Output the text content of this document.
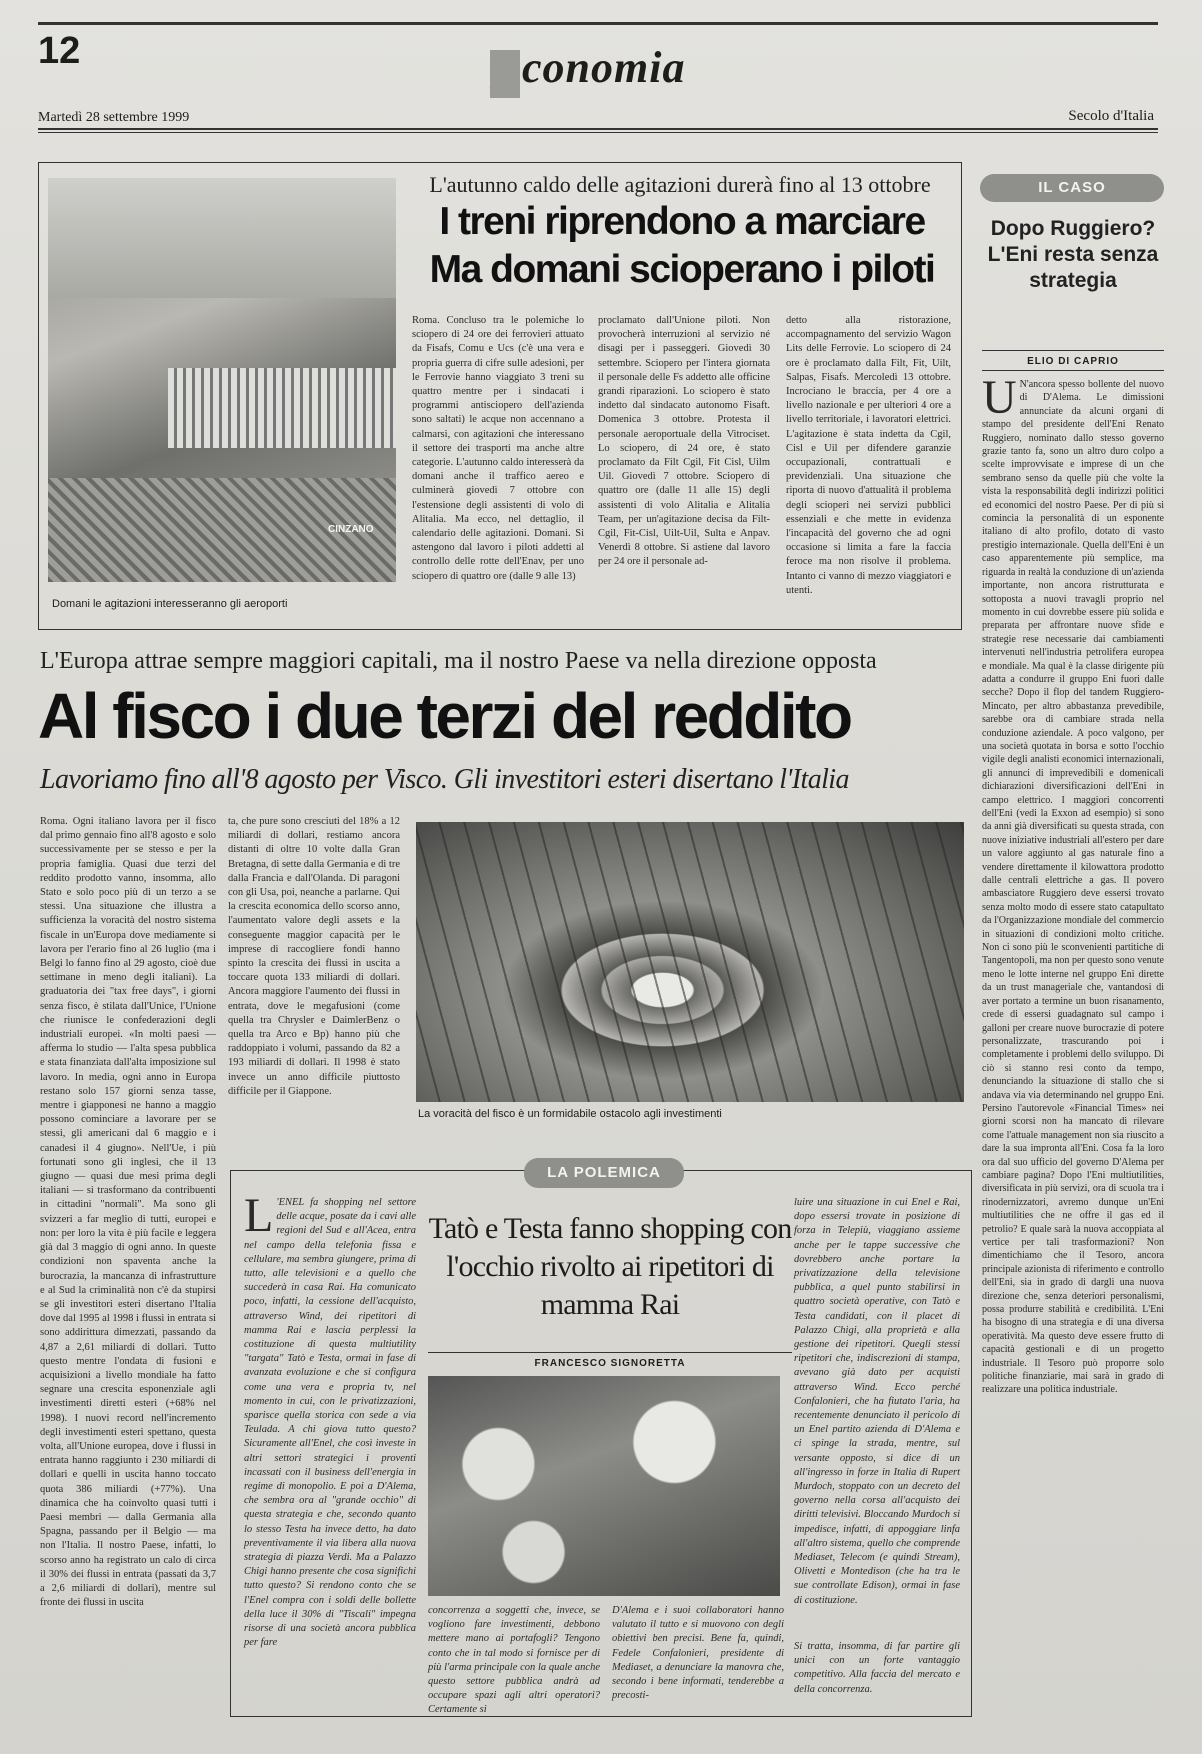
12	Economia
Martedì 28 settembre 1999	Secolo d'Italia
CINZANO
Domani le agitazioni interesseranno gli aeroporti
L'autunno caldo delle agitazioni durerà fino al 13 ottobre
I treni riprendono a marciare
Ma domani scioperano i piloti
Roma. Concluso tra le polemiche lo sciopero di 24 ore dei ferrovieri attuato da Fisafs, Comu e Ucs (c'è una vera e propria guerra di cifre sulle adesioni, per le Ferrovie hanno viaggiato 3 treni su quattro mentre per i sindacati i programmi antisciopero dell'azienda sono saltati) le acque non accennano a calmarsi, con agitazioni che interessano il settore dei trasporti ma anche altre categorie. L'autunno caldo interesserà da domani anche il traffico aereo e culminerà giovedì 7 ottobre con l'estensione degli assistenti di volo di Alitalia. Ma ecco, nel dettaglio, il calendario delle agitazioni. Domani. Si astengono dal lavoro i piloti addetti al controllo delle rotte dell'Enav, per uno sciopero di quattro ore (dalle 9 alle 13)
proclamato dall'Unione piloti. Non provocherà interruzioni al servizio né disagi per i passeggeri. Giovedì 30 settembre. Sciopero per l'intera giornata il personale delle Fs addetto alle officine grandi riparazioni. Lo sciopero è stato indetto dal sindacato autonomo Fisaft. Domenica 3 ottobre. Protesta il personale aeroportuale della Vitrociset. Lo sciopero, di 24 ore, è stato proclamato da Filt Cgil, Fit Cisl, Uilm Uil. Giovedì 7 ottobre. Sciopero di quattro ore (dalle 11 alle 15) degli assistenti di volo Alitalia e Alitalia Team, per un'agitazione decisa da Filt-Cgil, Fit-Cisl, Uilt-Uil, Sulta e Anpav. Venerdì 8 ottobre. Si astiene dal lavoro per 24 ore il personale ad-
detto alla ristorazione, accompagnamento del servizio Wagon Lits delle Ferrovie. Lo sciopero di 24 ore è proclamato dalla Filt, Fit, Uilt, Salpas, Fisafs. Mercoledì 13 ottobre. Incrociano le braccia, per 4 ore a livello nazionale e per ulteriori 4 ore a livello territoriale, i lavoratori elettrici. L'agitazione è stata indetta da Cgil, Cisl e Uil per difendere garanzie occupazionali, contrattuali e previdenziali. Una situazione che riporta di nuovo d'attualità il problema degli scioperi nei servizi pubblici essenziali e che mette in evidenza l'incapacità del governo che ad ogni occasione si limita a fare la faccia feroce ma non risolve il problema. Intanto ci vanno di mezzo viaggiatori e utenti.
IL CASO
Dopo Ruggiero? L'Eni resta senza strategia
ELIO DI CAPRIO
U N'ancora spesso bollente del nuovo di D'Alema. Le dimissioni annunciate da alcuni organi di stampo del presidente dell'Eni Renato Ruggiero, nominato dallo stesso governo grazie tanto fa, sono un altro duro colpo a scelte improvvisate e imprese di un che sembrano senso da quelle più che volte la vista la responsabilità degli indirizzi politici ed economici del nostro Paese. Per di più si comincia la personalità di un esponente italiano di alto profilo, dotato di vasto prestigio internazionale. Quella dell'Eni è un caso apparentemente più semplice, ma riguarda in realtà la conduzione di un'azienda importante, non ancora ristrutturata e sottoposta a nuovi travagli proprio nel momento in cui dovrebbe essere più solida e preparata per affrontare nuove sfide e strategie rese necessarie dai cambiamenti intervenuti nell'industria petrolifera europea e mondiale. Ma qual è la classe dirigente più adatta a condurre il gruppo Eni fuori dalle secche? Dopo il flop del tandem Ruggiero-Mincato, per altro abbastanza prevedibile, sarebbe ora di cambiare strada nella conduzione aziendale. A poco valgono, per una società quotata in borsa e sotto l'occhio vigile degli analisti economici internazionali, gli annunci di imprevedibili e domenicali dichiarazioni diversificazioni dell'Eni in campo elettrico. I maggiori concorrenti dell'Eni (vedi la Exxon ad esempio) si sono da anni già diversificati su questa strada, con nuove iniziative industriali all'estero per dare un valore aggiunto al gas naturale fino a vendere direttamente il kilowattora prodotto dalle centrali elettriche a gas. Il povero ambasciatore Ruggiero deve essersi trovato senza molto modo di essere stato catapultato da l'Organizzazione mondiale del commercio in situazioni di condizioni molto critiche. Non ci sono più le sconvenienti partitiche di Tangentopoli, ma non per questo sono venute meno le lotte interne nel gruppo Eni dirette da un trust manageriale che, vantandosi di aver portato a termine un buon risanamento, crede di essersi guadagnato sul campo i galloni per creare nuove burocrazie di potere personalizzate, trascurando poi i completamente i problemi dello sviluppo. Di ciò si stanno resi conto da tempo, denunciando la situazione di stallo che si andava via via determinando nel gruppo Eni. Persino l'autorevole «Financial Times» nei giorni scorsi non ha mancato di rilevare come l'attuale management non sia riuscito a dare la sua impronta all'Eni. Cosa fa la loro ora dal suo ufficio del governo D'Alema per cambiare pagina? Dopo l'Eni multiutilities, diversificata in più servizi, ora di scuola tra i rinodernizzatori, avremo dunque un'Eni multiutilities che ne offre il gas ed il petrolio? E quale sarà la nuova accoppiata al vertice per tali trasformazioni? Non dimentichiamo che il Tesoro, ancora principale azionista di riferimento e controllo dell'Eni, sia in grado di dargli una nuova direzione che, senza deteriori personalismi, possa produrre stabilità e credibilità. L'Eni ha bisogno di una strategia e di una diversa operatività. Ma questo deve essere frutto di capacità gestionali e di un progetto industriale. Il Tesoro può proporre solo politiche finanziarie, mai sarà in grado di realizzare una politica industriale.
L'Europa attrae sempre maggiori capitali, ma il nostro Paese va nella direzione opposta
Al fisco i due terzi del reddito
Lavoriamo fino all'8 agosto per Visco. Gli investitori esteri disertano l'Italia
Roma. Ogni italiano lavora per il fisco dal primo gennaio fino all'8 agosto e solo successivamente per se stesso e per la propria famiglia. Quasi due terzi del reddito prodotto vanno, insomma, allo Stato e solo poco più di un terzo a se stessi. Una situazione che illustra a sufficienza la voracità del nostro sistema fiscale in un'Europa dove mediamente si lavora per l'erario fino al 26 luglio (ma i Belgi lo fanno fino al 29 agosto, cioè due settimane in meno degli italiani). La graduatoria dei "tax free days", i giorni senza fisco, è stilata dall'Unice, l'Unione che riunisce le confederazioni degli industriali europei. «In molti paesi — afferma lo studio — l'alta spesa pubblica e stata finanziata dall'alta imposizione sul lavoro. In media, ogni anno in Europa restano solo 157 giorni senza tasse, mentre i giapponesi ne hanno a maggio possono cominciare a lavorare per se stessi, gli americani dal 6 maggio e i canadesi il 4 giugno». Nell'Ue, i più fortunati sono gli inglesi, che il 13 giugno — quasi due mesi prima degli italiani — si trasformano da contribuenti in cittadini "normali". Ma sono gli svizzeri a far meglio di tutti, europei e non: per loro la vita è più facile e leggera già dal 3 maggio di ogni anno. In queste condizioni non spaventa anche la burocrazia, la mancanza di infrastrutture e al Sud la criminalità non c'è da stupirsi se gli investitori esteri disertano l'Italia dove dal 1995 al 1998 i flussi in entrata si sono addirittura dimezzati, passando da 4,87 a 2,61 miliardi di dollari. Tutto questo mentre l'ondata di fusioni e acquisizioni a livello mondiale ha fatto segnare una crescita esponenziale agli investimenti diretti esteri (+68% nel 1998). I nuovi record nell'incremento degli investimenti esteri spettano, questa volta, all'Unione europea, dove i flussi in entrata hanno raggiunto i 230 miliardi di dollari e quelli in uscita hanno toccato quota 386 miliardi (+77%). Una dinamica che ha coinvolto quasi tutti i Paesi membri — dalla Germania alla Spagna, passando per il Belgio — ma non l'Italia. Il nostro Paese, infatti, lo scorso anno ha registrato un calo di circa il 30% dei flussi in entrata (passati da 3,7 a 2,6 miliardi di dollari), mentre sul fronte dei flussi in uscita
ta, che pure sono cresciuti del 18% a 12 miliardi di dollari, restiamo ancora distanti di oltre 10 volte dalla Gran Bretagna, di sette dalla Germania e di tre dalla Francia e dall'Olanda. Di paragoni con gli Usa, poi, neanche a parlarne. Qui la crescita economica dello scorso anno, l'aumentato valore degli assets e la conseguente maggior capacità per le imprese di raccogliere fondi hanno spinto la crescita dei flussi in uscita a toccare quota 133 miliardi di dollari. Ancora maggiore l'aumento dei flussi in entrata, dove le megafusioni (come quella tra Chrysler e DaimlerBenz o quella tra Arco e Bp) hanno più che raddoppiato i volumi, passando da 82 a 193 miliardi di dollari. Il 1998 è stato invece un anno difficile piuttosto difficile per il Giappone.
La voracità del fisco è un formidabile ostacolo agli investimenti
LA POLEMICA
L 'ENEL fa shopping nel settore delle acque, posate da i cavi alle regioni del Sud e all'Acea, entra nel campo della telefonia fissa e cellulare, ma sembra giungere, prima di tutto, alle televisioni e a quello che succederà in casa Rai. Ha comunicato poco, infatti, la cessione dell'acquisto, attraverso Wind, dei ripetitori di mamma Rai e lascia perplessi la costituzione di questa multiutility "targata" Tatò e Testa, ormai in fase di avanzata evoluzione e che si configura come una vera e propria tv, nel momento in cui, con le privatizzazioni, sparisce quella storica con sede a via Teulada. A chi giova tutto questo? Sicuramente all'Enel, che così investe in altri settori strategici i proventi incassati con il business dell'energia in regime di monopolio. E poi a D'Alema, che sembra ora al "grande occhio" di questa strategia e che, secondo quanto lo stesso Testa ha invece detto, ha dato preventivamente il via libera alla nuova strategia di piazza Verdi. Ma a Palazzo Chigi hanno presente che cosa significhi tutto questo? Si rendono conto che se l'Enel compra con i soldi delle bollette della luce il 30% di "Tiscali" impegna risorse di una società ancora pubblica per fare
Tatò e Testa fanno shopping con l'occhio rivolto ai ripetitori di mamma Rai
FRANCESCO SIGNORETTA
concorrenza a soggetti che, invece, se vogliono fare investimenti, debbono mettere mano ai portafogli? Tengono conto che in tal modo si fornisce per di più l'arma principale con la quale anche questo settore pubblica andrà ad occupare spazi agli altri operatori? Certamente si
D'Alema e i suoi collaboratori hanno valutato il tutto e si muovono con degli obiettivi ben precisi. Bene fa, quindi, Fedele Confalonieri, presidente di Mediaset, a denunciare la manovra che, secondo i bene informati, tenderebbe a precosti-
luire una situazione in cui Enel e Rai, dopo essersi trovate in posizione di forza in Telepiù, viaggiano assieme anche per le tappe successive che dovrebbero anche portare la privatizzazione della televisione pubblica, a quel punto stabilirsi in quattro società operative, con Tatò e Testa candidati, con il placet di Palazzo Chigi, alla proprietà e alla gestione dei ripetitori. Quegli stessi ripetitori che, indiscrezioni di stampa, avevano già dato per acquisti attraverso Wind. Ecco perché Confalonieri, che ha fiutato l'aria, ha recentemente denunciato il pericolo di un Enel partito azienda di D'Alema e ci spinge la strada, mentre, sul versante opposto, si dice di un all'ingresso in forze in Italia di Rupert Murdoch, stoppato con un decreto del governo nella corsa all'acquisto dei diritti televisivi. Bloccando Murdoch si impedisce, infatti, di appoggiare linfa all'altro sistema, quello che comprende Mediaset, Telecom (e quindi Stream), Olivetti e Montedison (che ha tra le sue controllate Edison), ormai in fase di costituzione.
Si tratta, insomma, di far partire gli unici con un forte vantaggio competitivo. Alla faccia del mercato e della concorrenza.
